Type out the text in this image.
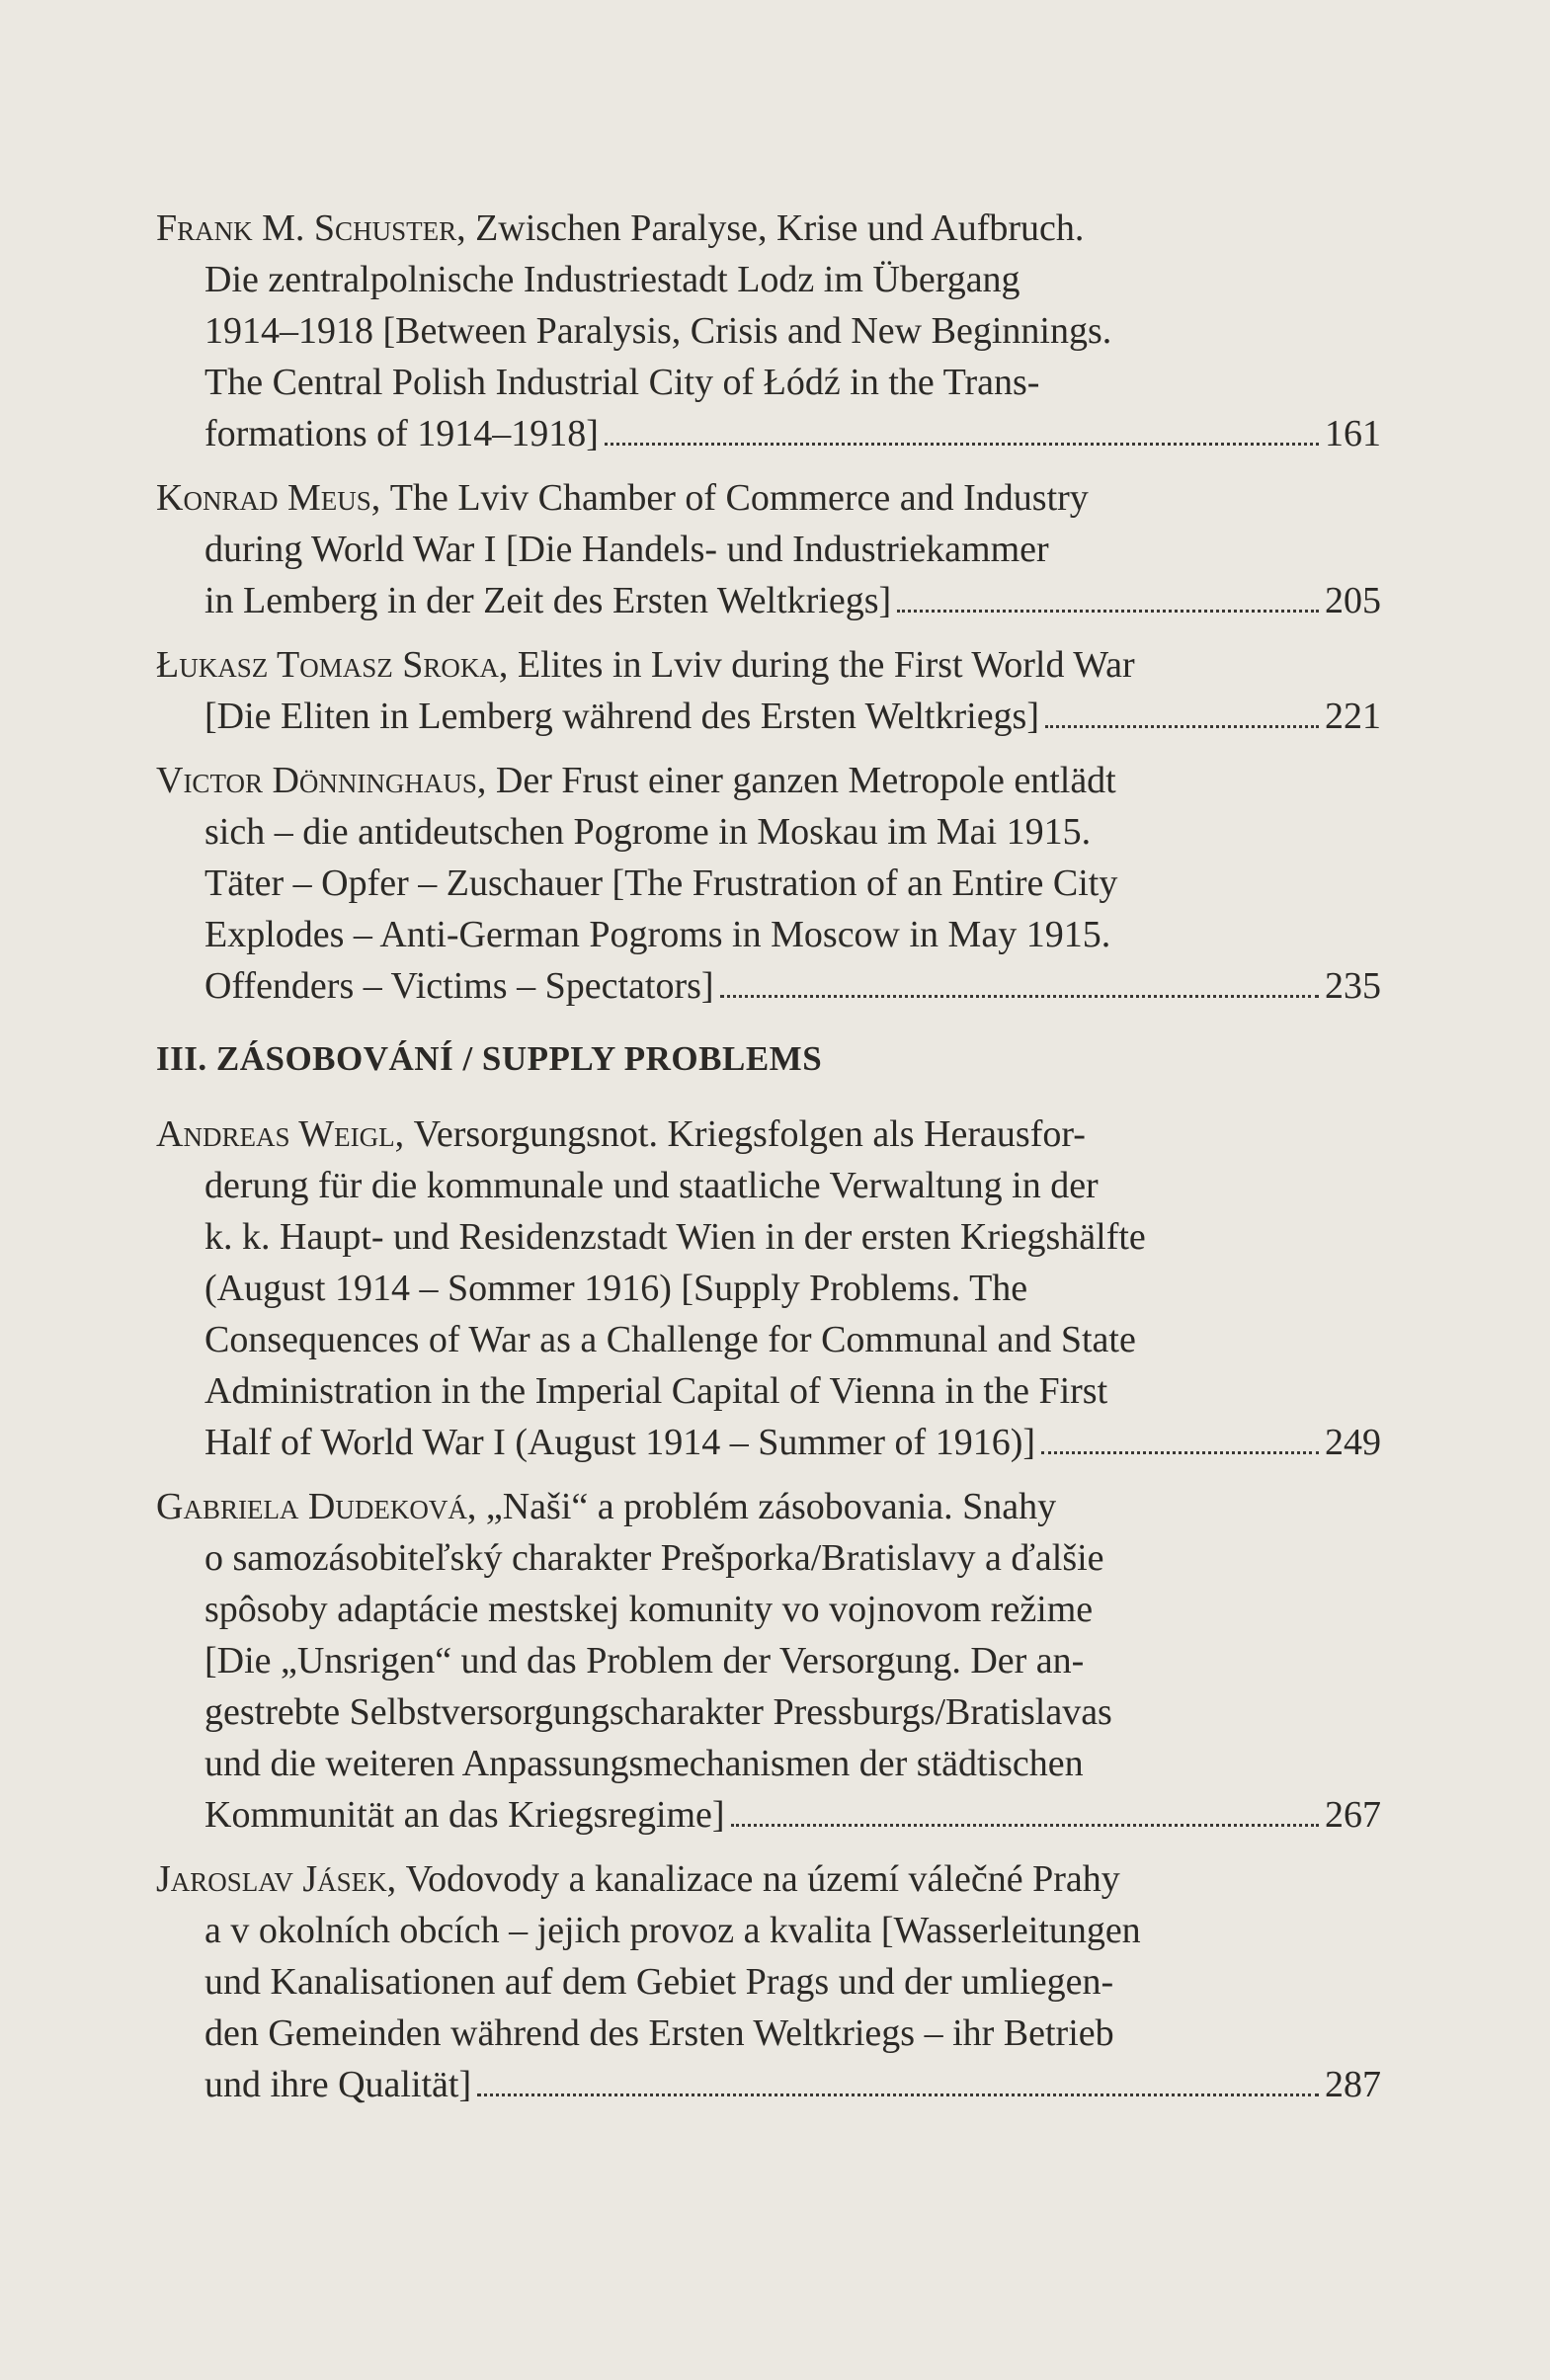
Frank M. Schuster , Zwischen Paralyse, Krise und Aufbruch.
Die zentralpolnische Industriestadt Lodz im Übergang
1914–1918 [Between Paralysis, Crisis and New Beginnings.
The Central Polish Industrial City of Łódź in the Trans-
formations of 1914–1918]	161
Konrad Meus , The Lviv Chamber of Commerce and Industry
during World War I [Die Handels- und Industriekammer
in Lemberg in der Zeit des Ersten Weltkriegs]	205
Łukasz Tomasz Sroka , Elites in Lviv during the First World War
[Die Eliten in Lemberg während des Ersten Weltkriegs]	221
Victor Dönninghaus , Der Frust einer ganzen Metropole entlädt
sich – die antideutschen Pogrome in Moskau im Mai 1915.
Täter – Opfer – Zuschauer [The Frustration of an Entire City
Explodes – Anti-German Pogroms in Moscow in May 1915.
Offenders – Victims – Spectators]	235
III. ZÁSOBOVÁNÍ / SUPPLY PROBLEMS
Andreas Weigl , Versorgungsnot. Kriegsfolgen als Herausfor-
derung für die kommunale und staatliche Verwaltung in der
k. k. Haupt- und Residenzstadt Wien in der ersten Kriegshälfte
(August 1914 – Sommer 1916) [Supply Problems. The
Consequences of War as a Challenge for Communal and State
Administration in the Imperial Capital of Vienna in the First
Half of World War I (August 1914 – Summer of 1916)]	249
Gabriela Dudeková , „Naši“ a problém zásobovania. Snahy
o samozásobiteľský charakter Prešporka/Bratislavy a ďalšie
spôsoby adaptácie mestskej komunity vo vojnovom režime
[Die „Unsrigen“ und das Problem der Versorgung. Der an-
gestrebte Selbstversorgungscharakter Pressburgs/Bratislavas
und die weiteren Anpassungsmechanismen der städtischen
Kommunität an das Kriegsregime]	267
Jaroslav Jásek , Vodovody a kanalizace na území válečné Prahy
a v okolních obcích – jejich provoz a kvalita [Wasserleitungen
und Kanalisationen auf dem Gebiet Prags und der umliegen-
den Gemeinden während des Ersten Weltkriegs – ihr Betrieb
und ihre Qualität]	287
